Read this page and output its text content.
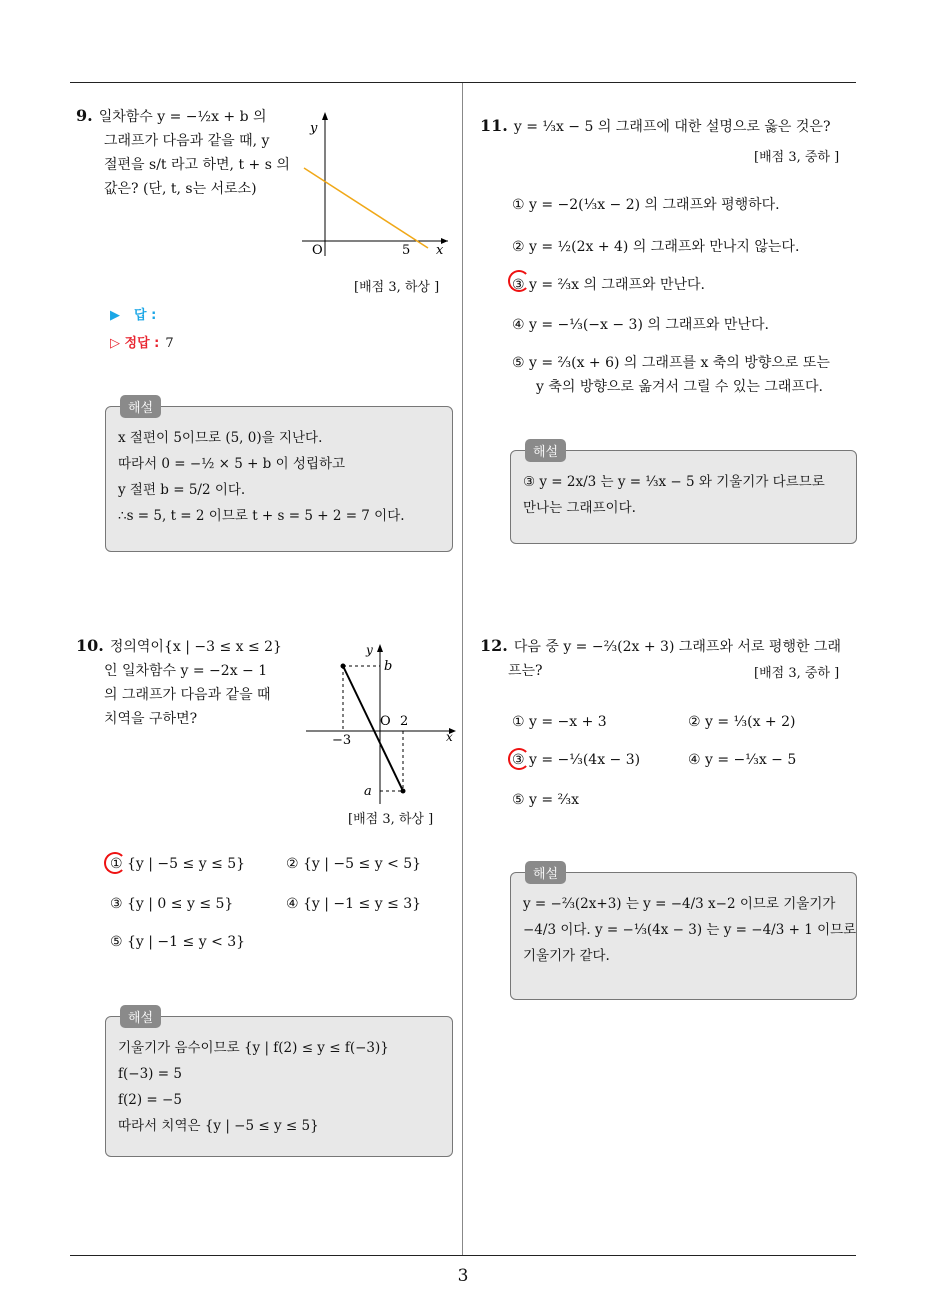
3
9. 일차함수 y = −½x + b 의
그래프가 다음과 같을 때, y
절편을 s/t 라고 하면, t + s 의
값은? (단, t, s는 서로소)
y
O	5 x
[배점 3, 하상 ]
▶ 답 :
▷ 정답 : 7
해설
x 절편이 5이므로 (5, 0)을 지난다.
따라서 0 = −½ × 5 + b 이 성립하고
y 절편 b = 5/2 이다.
∴s = 5, t = 2 이므로 t + s = 5 + 2 = 7 이다.
10. 정의역이{x | −3 ≤ x ≤ 2}
인 일차함수 y = −2x − 1
의 그래프가 다음과 같을 때
치역을 구하면?
y
b
O 2
−3	x
a
[배점 3, 하상 ]
① {y | −5 ≤ y ≤ 5}	② {y | −5 ≤ y < 5}
③ {y | 0 ≤ y ≤ 5}	④ {y | −1 ≤ y ≤ 3}
⑤ {y | −1 ≤ y < 3}
해설
기울기가 음수이므로 {y | f(2) ≤ y ≤ f(−3)}
f(−3) = 5
f(2) = −5
따라서 치역은 {y | −5 ≤ y ≤ 5}
11. y = ⅓x − 5 의 그래프에 대한 설명으로 옳은 것은?
[배점 3, 중하 ]
① y = −2(⅓x − 2) 의 그래프와 평행하다.
② y = ½(2x + 4) 의 그래프와 만나지 않는다.
③ y = ⅔x 의 그래프와 만난다.
④ y = −⅓(−x − 3) 의 그래프와 만난다.
⑤ y = ⅔(x + 6) 의 그래프를 x 축의 방향으로 또는
y 축의 방향으로 옮겨서 그릴 수 있는 그래프다.
해설
③ y = 2x/3 는 y = ⅓x − 5 와 기울기가 다르므로
만나는 그래프이다.
12. 다음 중 y = −⅔(2x + 3) 그래프와 서로 평행한 그래
프는?	[배점 3, 중하 ]
① y = −x + 3	② y = ⅓(x + 2)
③ y = −⅓(4x − 3)	④ y = −⅓x − 5
⑤ y = ⅔x
해설
y = −⅔(2x+3) 는 y = −4/3 x−2 이므로 기울기가
−4/3 이다. y = −⅓(4x − 3) 는 y = −4/3 + 1 이므로
기울기가 같다.
